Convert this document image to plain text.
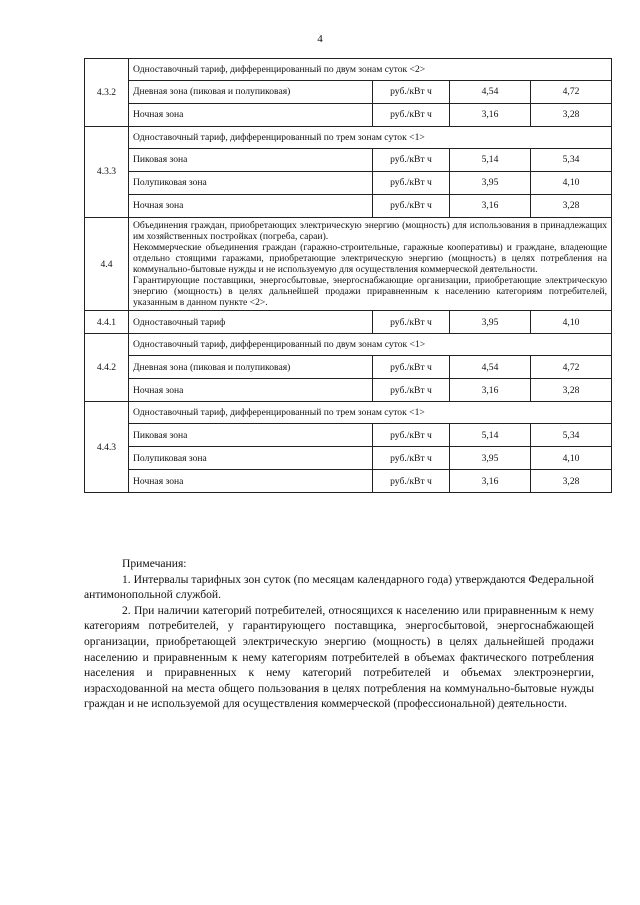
4
4.3.2	Одноставочный тариф, дифференцированный по двум зонам суток <2>			
	Дневная зона (пиковая и полупиковая)	руб./кВт ч	4,54	4,72
	Ночная зона	руб./кВт ч	3,16	3,28
4.3.3	Одноставочный тариф, дифференцированный по трем зонам суток <1>			
	Пиковая зона	руб./кВт ч	5,14	5,34
	Полупиковая зона	руб./кВт ч	3,95	4,10
	Ночная зона	руб./кВт ч	3,16	3,28
4.4	Объединения граждан, приобретающих электрическую энергию (мощность) для использования в принадлежащих им хозяйственных постройках (погреба, сараи).

Некоммерческие объединения граждан (гаражно-строительные, гаражные кооперативы) и граждане, владеющие отдельно стоящими гаражами, приобретающие электрическую энергию (мощность) в целях потребления на коммунально-бытовые нужды и не используемую для осуществления коммерческой деятельности.

Гарантирующие поставщики, энергосбытовые, энергоснабжающие организации, приобретающие электрическую энергию (мощность) в целях дальнейшей продажи приравненным к населению категориям потребителей, указанным в данном пункте <2>.			

4.4.1	Одноставочный тариф	руб./кВт ч	3,95	4,10
4.4.2	Одноставочный тариф, дифференцированный по двум зонам суток <1>			
	Дневная зона (пиковая и полупиковая)	руб./кВт ч	4,54	4,72
	Ночная зона	руб./кВт ч	3,16	3,28
4.4.3	Одноставочный тариф, дифференцированный по трем зонам суток <1>			
	Пиковая зона	руб./кВт ч	5,14	5,34
	Полупиковая зона	руб./кВт ч	3,95	4,10
	Ночная зона	руб./кВт ч	3,16	3,28

Примечания:

1. Интервалы тарифных зон суток (по месяцам календарного года) утверждаются Федеральной антимонопольной службой.

2. При наличии категорий потребителей, относящихся к населению или приравненным к нему категориям потребителей, у гарантирующего поставщика, энергосбытовой, энергоснабжающей организации, приобретающей электрическую энергию (мощность) в целях дальнейшей продажи населению и приравненным к нему категориям потребителей в объемах фактического потребления населения и приравненных к нему категорий потребителей и объемах электроэнергии, израсходованной на места общего пользования в целях потребления на коммунально-бытовые нужды граждан и не используемой для осуществления коммерческой (профессиональной) деятельности.
